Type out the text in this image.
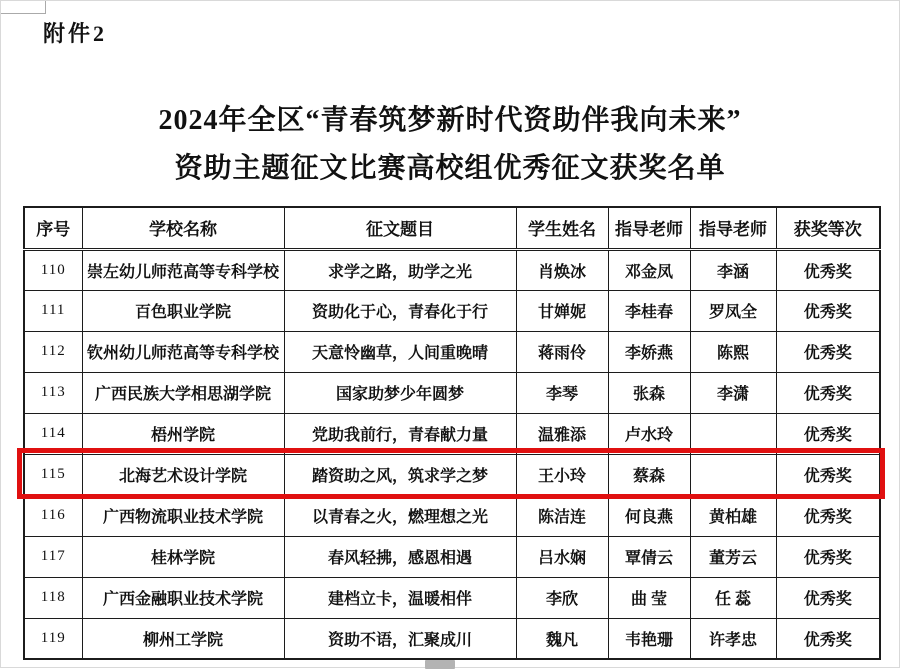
附件2
2024年全区“青春筑梦新时代资助伴我向未来”
资助主题征文比赛高校组优秀征文获奖名单
序号	学校名称	征文题目	学生姓名	指导老师	指导老师	获奖等次
110	崇左幼儿师范高等专科学校	求学之路，助学之光	肖焕冰	邓金凤	李涵	优秀奖
111	百色职业学院	资助化于心，青春化于行	甘婵妮	李桂春	罗凤全	优秀奖
112	钦州幼儿师范高等专科学校	天意怜幽草，人间重晚晴	蒋雨伶	李娇燕	陈熙	优秀奖
113	广西民族大学相思湖学院	国家助梦少年圆梦	李琴	张森	李潇	优秀奖
114	梧州学院	党助我前行，青春献力量	温雅添	卢水玲		优秀奖
115	北海艺术设计学院	踏资助之风，筑求学之梦	王小玲	蔡森		优秀奖
116	广西物流职业技术学院	以青春之火，燃理想之光	陈洁连	何良燕	黄柏雄	优秀奖
117	桂林学院	春风轻拂，感恩相遇	吕水娴	覃倩云	董芳云	优秀奖
118	广西金融职业技术学院	建档立卡，温暖相伴	李欣	曲 莹	任 蕊	优秀奖
119	柳州工学院	资助不语，汇聚成川	魏凡	韦艳珊	许孝忠	优秀奖
